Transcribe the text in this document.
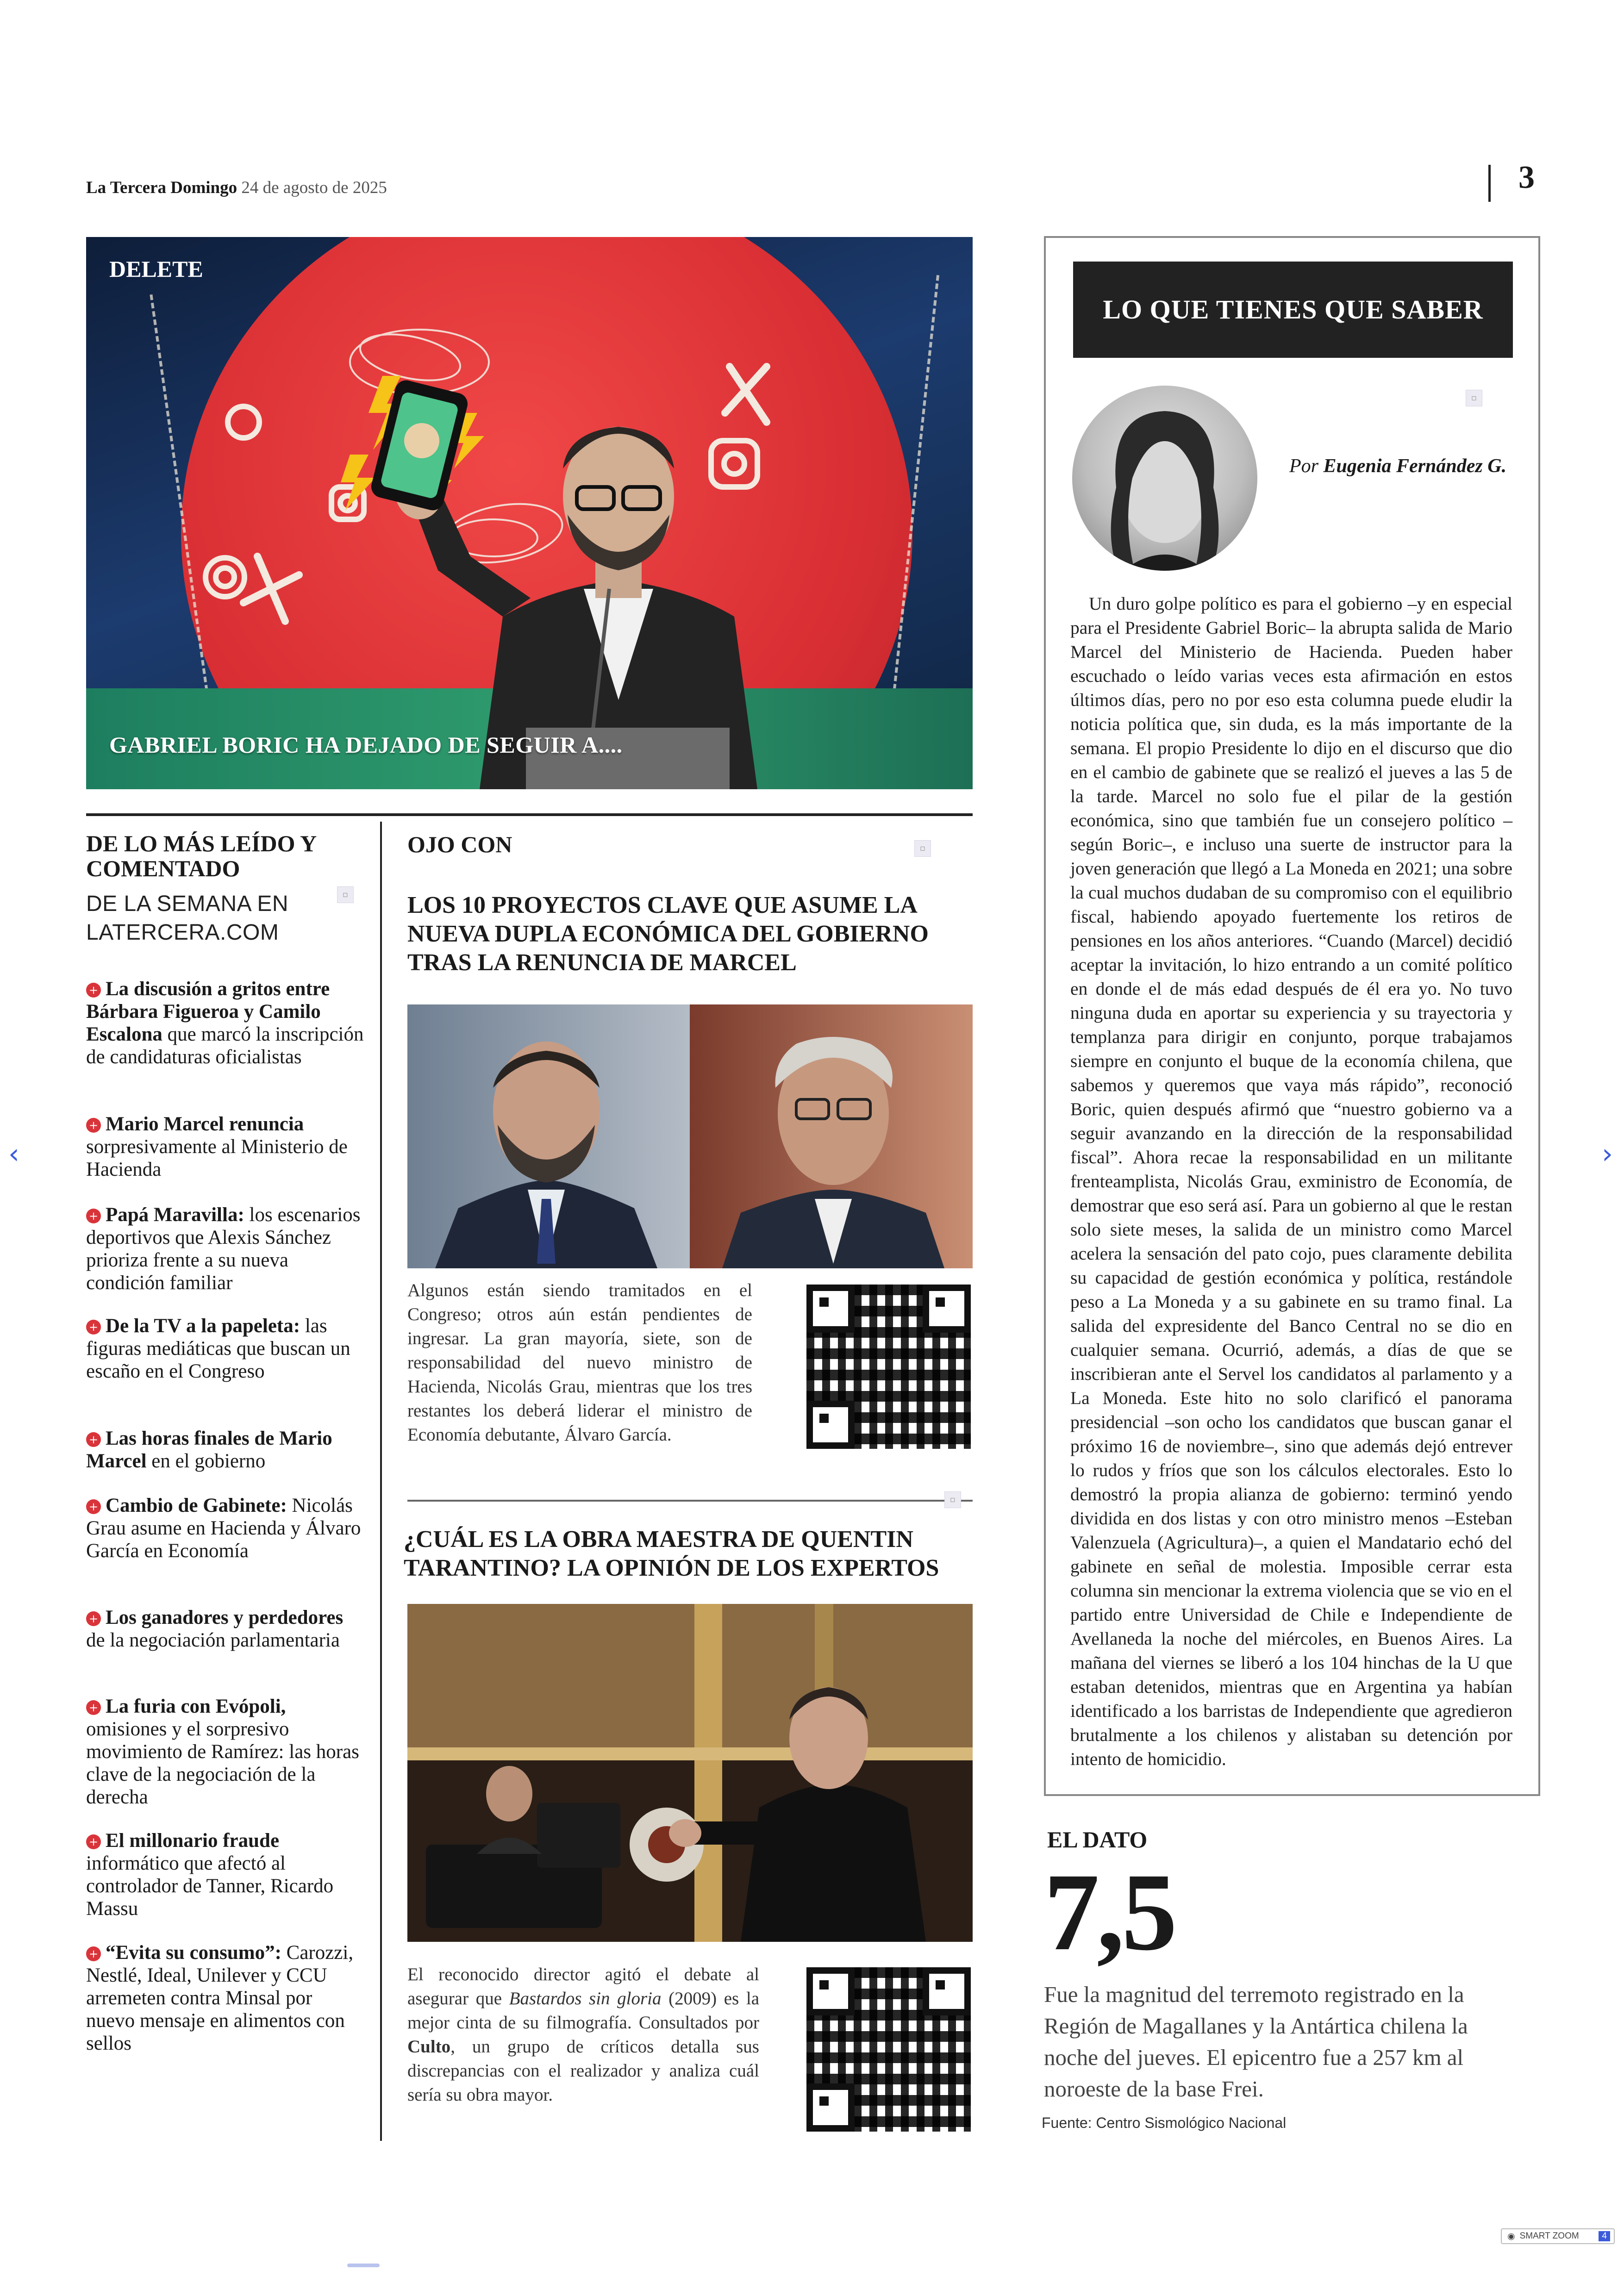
La Tercera Domingo 24 de agosto de 2025	3
DELETE
GABRIEL BORIC HA DEJADO DE SEGUIR A....
DE LO MÁS LEÍDO Y COMENTADO
DE LA SEMANA EN
LATERCERA.COM
▫
+ La discusión a gritos entre Bárbara Figueroa y Camilo Escalona que marcó la inscripción de candidaturas oficialistas
+ Mario Marcel renuncia sorpresivamente al Ministerio de Hacienda
+ Papá Maravilla: los escenarios deportivos que Alexis Sánchez prioriza frente a su nueva condición familiar
+ De la TV a la papeleta: las figuras mediáticas que buscan un escaño en el Congreso
+ Las horas finales de Mario Marcel en el gobierno
+ Cambio de Gabinete: Nicolás Grau asume en Hacienda y Álvaro García en Economía
+ Los ganadores y perdedores de la negociación parlamentaria
+ La furia con Evópoli, omisiones y el sorpresivo movimiento de Ramírez: las horas clave de la negociación de la derecha
+ El millonario fraude informático que afectó al controlador de Tanner, Ricardo Massu
+ “Evita su consumo”: Carozzi, Nestlé, Ideal, Unilever y CCU arremeten contra Minsal por nuevo mensaje en alimentos con sellos
OJO CON	▫
LOS 10 PROYECTOS CLAVE QUE ASUME LA NUEVA DUPLA ECONÓMICA DEL GOBIERNO TRAS LA RENUNCIA DE MARCEL
Algunos están siendo tramitados en el Congreso; otros aún están pendientes de ingresar. La gran mayoría, siete, son de responsabilidad del nuevo ministro de Hacienda, Nicolás Grau, mientras que los tres restantes los deberá liderar el ministro de Economía debutante, Álvaro García.
▫
¿CUÁL ES LA OBRA MAESTRA DE QUENTIN TARANTINO? LA OPINIÓN DE LOS EXPERTOS
El reconocido director agitó el debate al asegurar que Bastardos sin gloria (2009) es la mejor cinta de su filmografía. Consultados por Culto, un grupo de críticos detalla sus discrepancias con el realizador y analiza cuál sería su obra mayor.
LO QUE TIENES QUE SABER
▫
Por Eugenia Fernández G.

Un duro golpe político es para el gobierno –y en especial para el Presidente Gabriel Boric– la abrupta salida de Mario Marcel del Ministerio de Hacienda. Pueden haber escuchado o leído varias veces esta afirmación en estos últimos días, pero no por eso esta columna puede eludir la noticia política que, sin duda, es la más importante de la semana. El propio Presidente lo dijo en el discurso que dio en el cambio de gabinete que se realizó el jueves a las 5 de la tarde. Marcel no solo fue el pilar de la gestión económica, sino que también fue un consejero político –según Boric–, e incluso una suerte de instructor para la joven generación que llegó a La Moneda en 2021; una sobre la cual muchos dudaban de su compromiso con el equilibrio fiscal, habiendo apoyado fuertemente los retiros de pensiones en los años anteriores. “Cuando (Marcel) decidió aceptar la invitación, lo hizo entrando a un comité político en donde el de más edad después de él era yo. No tuvo ninguna duda en aportar su experiencia y su trayectoria y templanza para dirigir en conjunto, porque trabajamos siempre en conjunto el buque de la economía chilena, que sabemos y queremos que vaya más rápido”, reconoció Boric, quien después afirmó que “nuestro gobierno va a seguir avanzando en la dirección de la responsabilidad fiscal”. Ahora recae la responsabilidad en un militante frenteamplista, Nicolás Grau, exministro de Economía, de demostrar que eso será así. Para un gobierno al que le restan solo siete meses, la salida de un ministro como Marcel acelera la sensación del pato cojo, pues claramente debilita su capacidad de gestión económica y política, restándole peso a La Moneda y a su gabinete en su tramo final. La salida del expresidente del Banco Central no se dio en cualquier semana. Ocurrió, además, a días de que se inscribieran ante el Servel los candidatos al parlamento y a La Moneda. Este hito no solo clarificó el panorama presidencial –son ocho los candidatos que buscan ganar el próximo 16 de noviembre–, sino que además dejó entrever lo rudos y fríos que son los cálculos electorales. Esto lo demostró la propia alianza de gobierno: terminó yendo dividida en dos listas y con otro ministro menos –Esteban Valenzuela (Agricultura)–, a quien el Mandatario echó del gabinete en señal de molestia. Imposible cerrar esta columna sin mencionar la extrema violencia que se vio en el partido entre Universidad de Chile e Independiente de Avellaneda la noche del miércoles, en Buenos Aires. La mañana del viernes se liberó a los 104 hinchas de la U que estaban detenidos, mientras que en Argentina ya habían identificado a los barristas de Independiente que agredieron brutalmente a los chilenos y alistaban su detención por intento de homicidio.

EL DATO
7,5
Fue la magnitud del terremoto registrado en la Región de Magallanes y la Antártica chilena la noche del jueves. El epicentro fue a 257 km al noroeste de la base Frei.
Fuente: Centro Sismológico Nacional
‹	›
◉ SMART ZOOM	4
